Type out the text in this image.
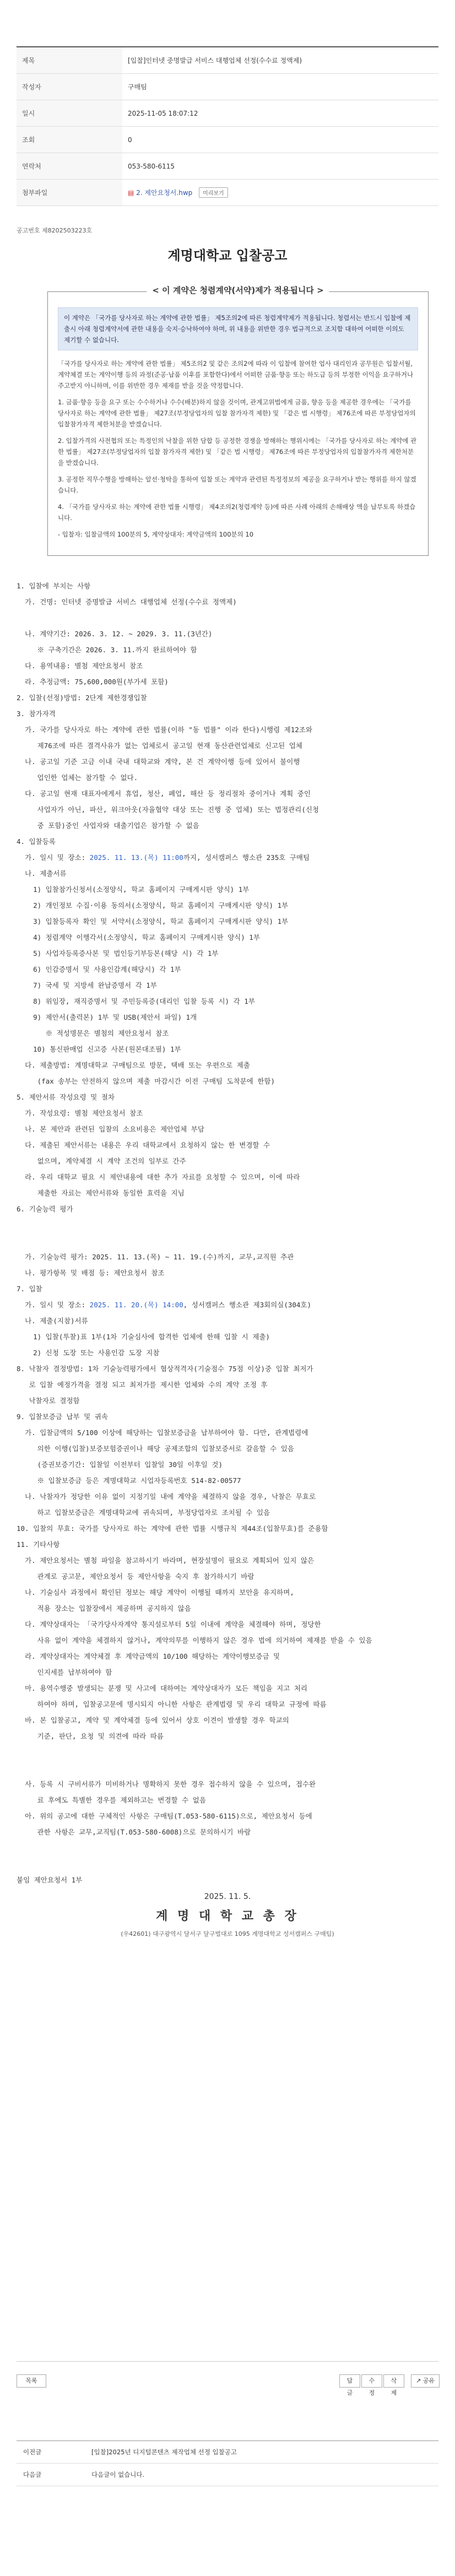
제목	[입찰]인터넷 중명발급 서비스 대행업체 선정(수수료 정액제)
작성자	구매팀
일시	2025-11-05 18:07:12
조회	0
연락처	053-580-6115
첨부파일	▤ 2. 제안요청서.hwp 미리보기
공고번호 제8202503223호
계명대학교 입찰공고
< 이 계약은 청렴계약(서약)제가 적용됩니다 >
이 계약은 「국가를 당사자로 하는 계약에 관한 법률」 제5조의2에 따른 청렴계약제가 적용됩니다. 청렴서는 반드시 입찰에 제출시 아래 청렴계약서에 관한 내용을 숙지·승낙하여야 하며, 위 내용을 위반한 경우 법규적으로 조치함 대하여 어떠한 이의도 제기할 수 없습니다.

「국가를 당사자로 하는 계약에 관한 법률」 제5조의2 및 같은 조의2에 따라 이 입찰에 참여한 업사 대리인과 공무원은 입찰서월, 계약체결 또는 계약이행 등의 과정(준공·납품 이후를 포함한다)에서 어떠한 금품·향응 또는 하도급 등의 부정한 이익을 요구하거나 주고받지 아니하며, 이를 위반한 경우 제재를 받을 것을 약정합니다.

1. 금품·향응 등을 요구 또는 수수하거나 수수(배분)하지 않을 것이며, 관계고위법에게 금품, 향응 등을 제공한 경우에는 「국가를 당사자로 하는 계약에 관한 법률」 제27조(부정당업자의 입찰 참가자격 제한) 및 「같은 법 시행령」 제76조에 따른 부정당업자의 입찰참가자격 제한처분을 받겠습니다.

2. 입찰가격의 사전협의 또는 특정인의 낙찰을 위한 담합 등 공정한 경쟁을 방해하는 행위시에는 「국가를 당사자로 하는 계약에 관한 법률」 제27조(부정당업자의 입찰 참가자격 제한) 및 「같은 법 시행령」 제76조에 따른 부정당업자의 입찰참가자격 제한처분을 받겠습니다.

3. 공정한 직무수행을 방해하는 알선·청탁을 통하여 입찰 또는 계약과 관련된 특정정보의 제공을 요구하거나 받는 행위를 하지 않겠습니다.

4. 「국가를 당사자로 하는 계약에 관한 법률 시행령」 제4조의2(청렴계약 등)에 따른 사례 아래의 손해배상 액을 납부토록 하겠습니다.

- 입찰자: 입찰금액의 100분의 5, 계약상대자: 계약금액의 100분의 10

1. 입찰에 부치는 사항
가. 건명: 인터넷 증명발급 서비스 대행업체 선정(수수료 정액제)

나. 계약기간: 2026. 3. 12. ~ 2029. 3. 11.(3년간)
※ 구축기간은 2026. 3. 11.까지 완료하여야 함
다. 용역내용: 별첨 제안요청서 참조
라. 추정금액: 75,600,000원(부가세 포함)
2. 입찰(선정)방법: 2단계 제한경쟁입찰
3. 참가자격
가. 국가를 당사자로 하는 계약에 관한 법률(이하 "동 법률" 이라 한다)시행령 제12조와
제76조에 따른 결격사유가 없는 업체로서 공고일 현재 동산관련업체로 신고된 업체
나. 공고일 기준 고금 이내 국내 대학교와 계약, 본 건 계약이행 등에 있어서 불이행
업인한 업체는 참가할 수 없다.
다. 공고일 현재 대표자에게서 휴업, 청산, 폐업, 해산 등 정리절차 중이거나 계획 중인
사업자가 아닌, 파산, 워크아웃(자율협약 대상 또는 진행 중 업체) 또는 법정관리(신청
중 포함)중인 사업자와 대출기업은 참가할 수 없음
4. 입찰등록
가. 일시 및 장소: 2025. 11. 13.(목) 11:00까지, 성서캠퍼스 행소관 235호 구매팀
나. 제출서류
1) 입찰참가신청서(소정양식, 학교 홈페이지 구매게시판 양식) 1부
2) 개인정보 수집·이용 동의서(소정양식, 학교 홈페이지 구매게시판 양식) 1부
3) 입찰등록자 확인 및 서약서(소정양식, 학교 홈페이지 구매게시판 양식) 1부
4) 청렴계약 이행각서(소정양식, 학교 홈페이지 구매게시판 양식) 1부
5) 사업자등록증사본 및 법인등기부등본(해당 시) 각 1부
6) 인감증명서 및 사용인감계(해당시) 각 1부
7) 국세 및 지방세 완납증명서 각 1부
8) 위임장, 재직증명서 및 주민등록증(대리인 입찰 등록 시) 각 1부
9) 제안서(출력본) 1부 및 USB(제안서 파일) 1개
※ 적성명문은 별첨의 제안요청서 참조
10) 통신판매업 신고증 사본(원본대조필) 1부
다. 제출방법: 계명대학교 구매팀으로 방문, 택배 또는 우편으로 제출
(fax 송부는 안전하지 않으며 제출 마감시간 이전 구매팀 도착분에 한함)
5. 제안서류 작성요령 및 절차
가. 작성요령: 별첨 제안요청서 참조
나. 본 제안과 관련된 입찰의 소요비용은 제안업체 부담
다. 제출된 제안서류는 내용은 우리 대학교에서 요청하지 않는 한 변경할 수
없으며, 계약체결 시 계약 조건의 일부로 간주
라. 우리 대학교 필요 시 제안내용에 대한 추가 자료를 요청할 수 있으며, 이에 따라
제출한 자료는 제안서류와 동일한 효력을 지님
6. 기술능력 평가

가. 기술능력 평가: 2025. 11. 13.(목) ~ 11. 19.(수)까지, 교무,교직원 추관
나. 평가항목 및 배점 등: 제안요청서 참조
7. 입찰
가. 일시 및 장소: 2025. 11. 20.(목) 14:00, 성서캠퍼스 행소관 제3회의실(304호)
나. 제출(지참)서류
1) 입찰(투찰)표 1부(1차 기술심사에 합격한 업체에 한해 입찰 시 제출)
2) 신청 도장 또는 사용인감 도장 지참
8. 낙찰자 결정방법: 1차 기술능력평가에서 협상적격자(기술점수 75점 이상)중 입찰 최저가
로 입찰 예정가격을 결정 되고 최저가를 제시한 업체와 수의 계약 조정 후
낙찰자로 결정함
9. 입찰보증금 납부 및 귀속
가. 입찰금액의 5/100 이상에 해당하는 입찰보증금을 납부하여야 함. 다만, 관계법령에
의한 이행(입찰)보증보험증권이나 해당 공제조합의 입찰보증서로 갈음할 수 있음
(증권보증기간: 입찰일 이전부터 입찰일 30일 이후일 것)
※ 입찰보증금 등은 계명대학교 시업자등록번호 514-82-00577
나. 낙찰자가 정당한 이유 없이 지정기일 내에 계약을 체결하지 않을 경우, 낙찰은 무효로
하고 입찰보증금은 계명대학교에 귀속되며, 부정당업자로 조치될 수 있음
10. 입찰의 무효: 국가를 당사자로 하는 계약에 관한 법률 시행규칙 제44조(입찰무효)를 준용함
11. 기타사항
가. 제안요청서는 별첨 파일을 참고하시기 바라며, 현장설명이 필요로 계획되어 있지 않은
관계로 공고문, 제안요청서 등 제안사항을 숙지 후 참가하시기 바람
나. 기술심사 과정에서 확인된 정보는 해당 계약이 이행될 때까지 보안을 유지하며,
적용 장소는 입찰장에서 제공하며 공지하지 않음
다. 계약상대자는 「국가당사자계약 통지설로부터 5일 이내에 계약을 체결해야 하며, 정당한
사유 없이 계약을 체결하지 않거나, 계약의무를 이행하지 않은 경우 법에 의거하여 제재를 받을 수 있음
라. 계약상대자는 계약체결 후 계약금액의 10/100 해당하는 계약이행보증금 및
인지세를 납부하여야 함
마. 용역수행중 발생되는 분쟁 및 사고에 대하여는 계약상대자가 모든 책임을 지고 처리
하여야 하며, 입찰공고문에 명시되지 아니한 사항은 관계법령 및 우리 대학교 규정에 따름
바. 본 입찰공고, 계약 및 계약체결 등에 있어서 상호 이견이 발생할 경우 학교의
기준, 판단, 요청 및 의견에 따라 따름

사. 등록 시 구비서류가 미비하거나 명확하지 못한 경우 접수하지 않을 수 있으며, 접수완
료 후에도 특별한 경우를 제외하고는 변경할 수 없음
아. 위의 공고에 대한 구체적인 사항은 구매팀(T.053-580-6115)으로, 제안요청서 등에
관한 사항은 교무,교직팀(T.053-580-6008)으로 문의하시기 바람

붙임 제안요청서 1부
2025. 11. 5.
계 명 대 학 교 총 장
(우42601) 대구광역시 달서구 달구벌대로 1095 계명대학교 성서캠퍼스 구매팀)
목록	답글
수정
삭제
↗ 공유
이전글	[입찰]2025년 디지털콘텐츠 제작업체 선정 입찰공고
다음글	다음글이 없습니다.
